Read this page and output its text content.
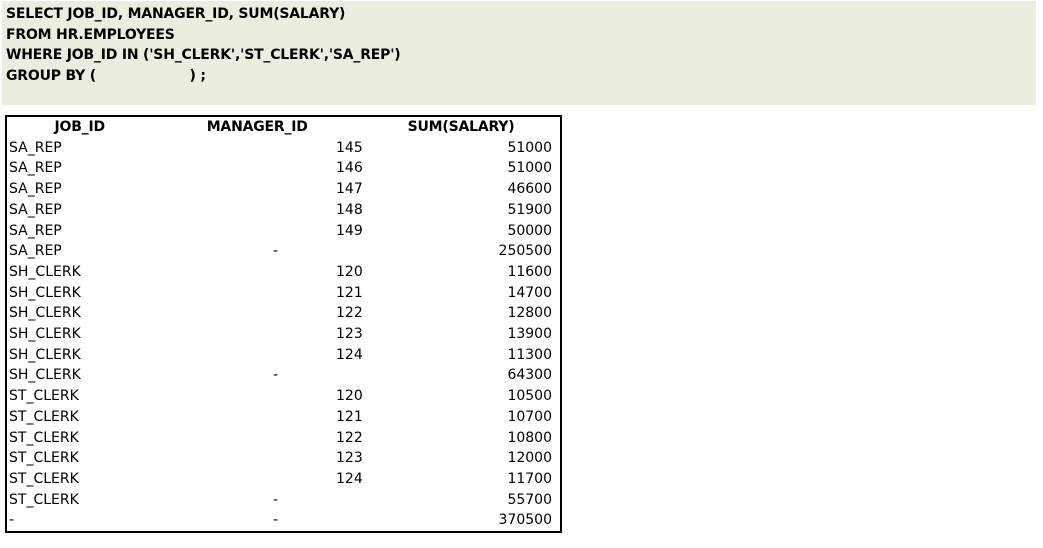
SELECT JOB_ID, MANAGER_ID, SUM(SALARY)
FROM HR.EMPLOYEES
WHERE JOB_ID IN ('SH_CLERK','ST_CLERK','SA_REP')
GROUP BY (                    ) ;
JOB_ID	MANAGER_ID	SUM(SALARY)
SA_REP	145	51000
SA_REP	146	51000
SA_REP	147	46600
SA_REP	148	51900
SA_REP	149	50000
SA_REP	-	250500
SH_CLERK	120	11600
SH_CLERK	121	14700
SH_CLERK	122	12800
SH_CLERK	123	13900
SH_CLERK	124	11300
SH_CLERK	-	64300
ST_CLERK	120	10500
ST_CLERK	121	10700
ST_CLERK	122	10800
ST_CLERK	123	12000
ST_CLERK	124	11700
ST_CLERK	-	55700
-	-	370500
